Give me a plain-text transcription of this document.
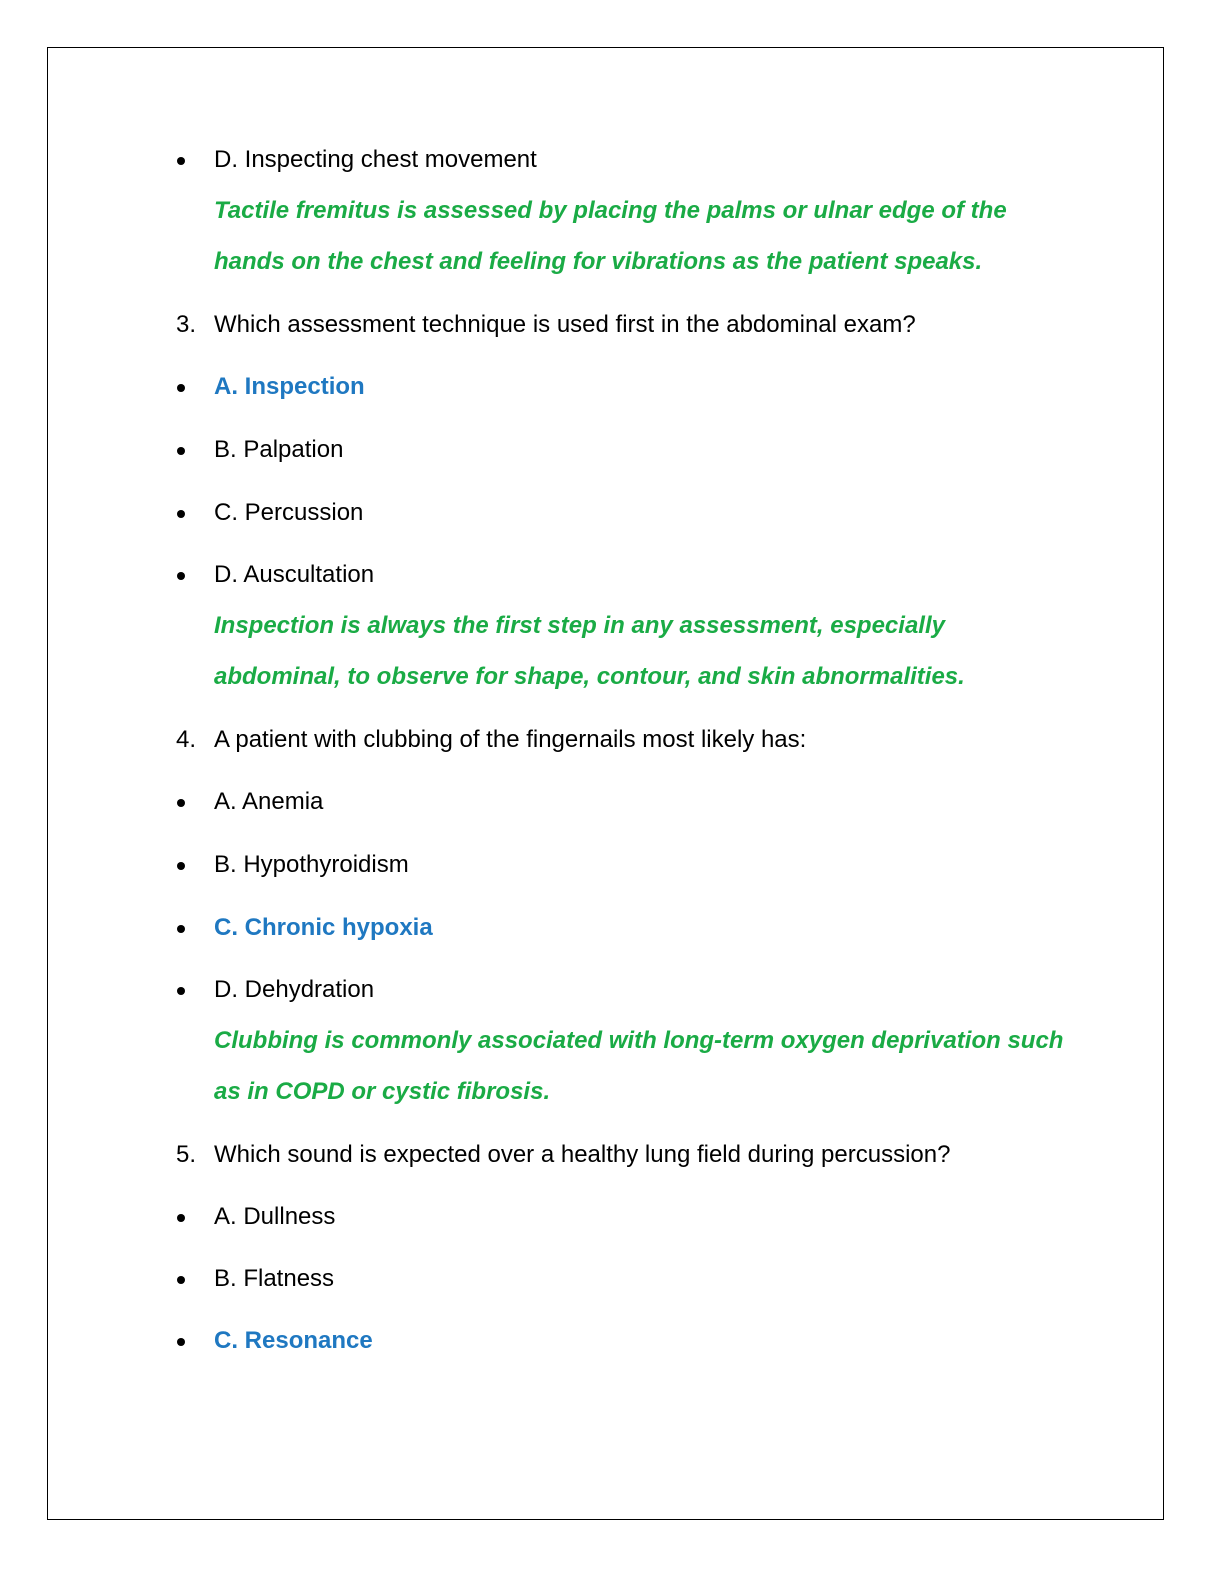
D. Inspecting chest movement
Tactile fremitus is assessed by placing the palms or ulnar edge of the
hands on the chest and feeling for vibrations as the patient speaks.
3. Which assessment technique is used first in the abdominal exam?
A. Inspection
B. Palpation
C. Percussion
D. Auscultation
Inspection is always the first step in any assessment, especially
abdominal, to observe for shape, contour, and skin abnormalities.
4. A patient with clubbing of the fingernails most likely has:
A. Anemia
B. Hypothyroidism
C. Chronic hypoxia
D. Dehydration
Clubbing is commonly associated with long-term oxygen deprivation such
as in COPD or cystic fibrosis.
5. Which sound is expected over a healthy lung field during percussion?
A. Dullness
B. Flatness
C. Resonance
